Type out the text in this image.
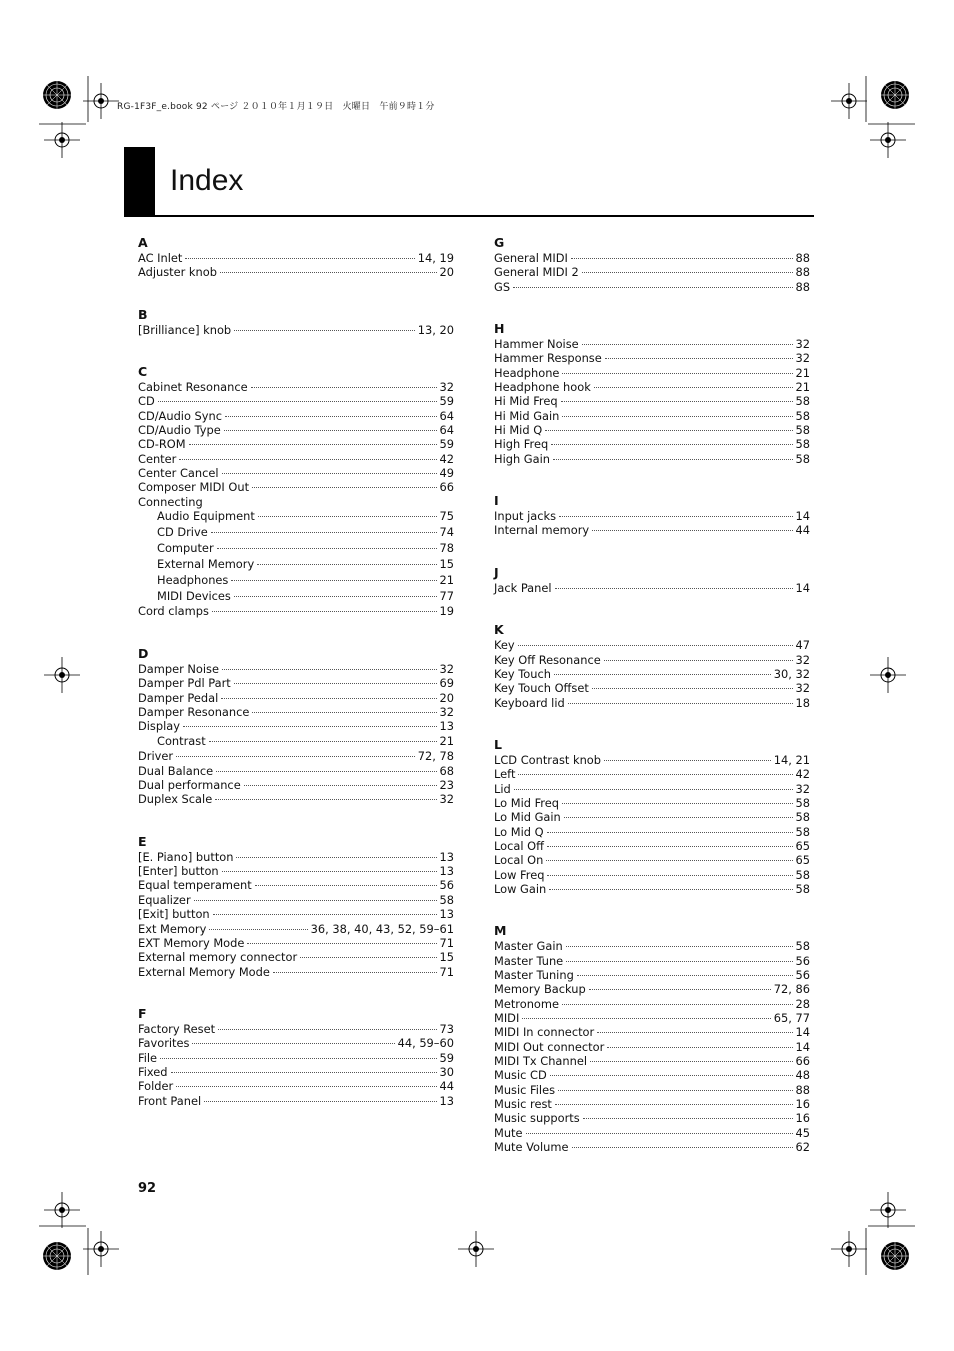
RG-1F3F_e.book 92 ページ ２０１０年１月１９日　火曜日　午前９時１分
Index
A
AC Inlet	14, 19
Adjuster knob	20
B
[Brilliance] knob	13, 20
C
Cabinet Resonance	32
CD	59
CD/Audio Sync	64
CD/Audio Type	64
CD-ROM	59
Center	42
Center Cancel	49
Composer MIDI Out	66
Connecting
Audio Equipment	75
CD Drive	74
Computer	78
External Memory	15
Headphones	21
MIDI Devices	77
Cord clamps	19
D
Damper Noise	32
Damper Pdl Part	69
Damper Pedal	20
Damper Resonance	32
Display	13
Contrast	21
Driver	72, 78
Dual Balance	68
Dual performance	23
Duplex Scale	32
E
[E. Piano] button	13
[Enter] button	13
Equal temperament	56
Equalizer	58
[Exit] button	13
Ext Memory	36, 38, 40, 43, 52, 59–61
EXT Memory Mode	71
External memory connector	15
External Memory Mode	71
F
Factory Reset	73
Favorites	44, 59–60
File	59
Fixed	30
Folder	44
Front Panel	13
G
General MIDI	88
General MIDI 2	88
GS	88
H
Hammer Noise	32
Hammer Response	32
Headphone	21
Headphone hook	21
Hi Mid Freq	58
Hi Mid Gain	58
Hi Mid Q	58
High Freq	58
High Gain	58
I
Input jacks	14
Internal memory	44
J
Jack Panel	14
K
Key	47
Key Off Resonance	32
Key Touch	30, 32
Key Touch Offset	32
Keyboard lid	18
L
LCD Contrast knob	14, 21
Left	42
Lid	32
Lo Mid Freq	58
Lo Mid Gain	58
Lo Mid Q	58
Local Off	65
Local On	65
Low Freq	58
Low Gain	58
M
Master Gain	58
Master Tune	56
Master Tuning	56
Memory Backup	72, 86
Metronome	28
MIDI	65, 77
MIDI In connector	14
MIDI Out connector	14
MIDI Tx Channel	66
Music CD	48
Music Files	88
Music rest	16
Music supports	16
Mute	45
Mute Volume	62
92
